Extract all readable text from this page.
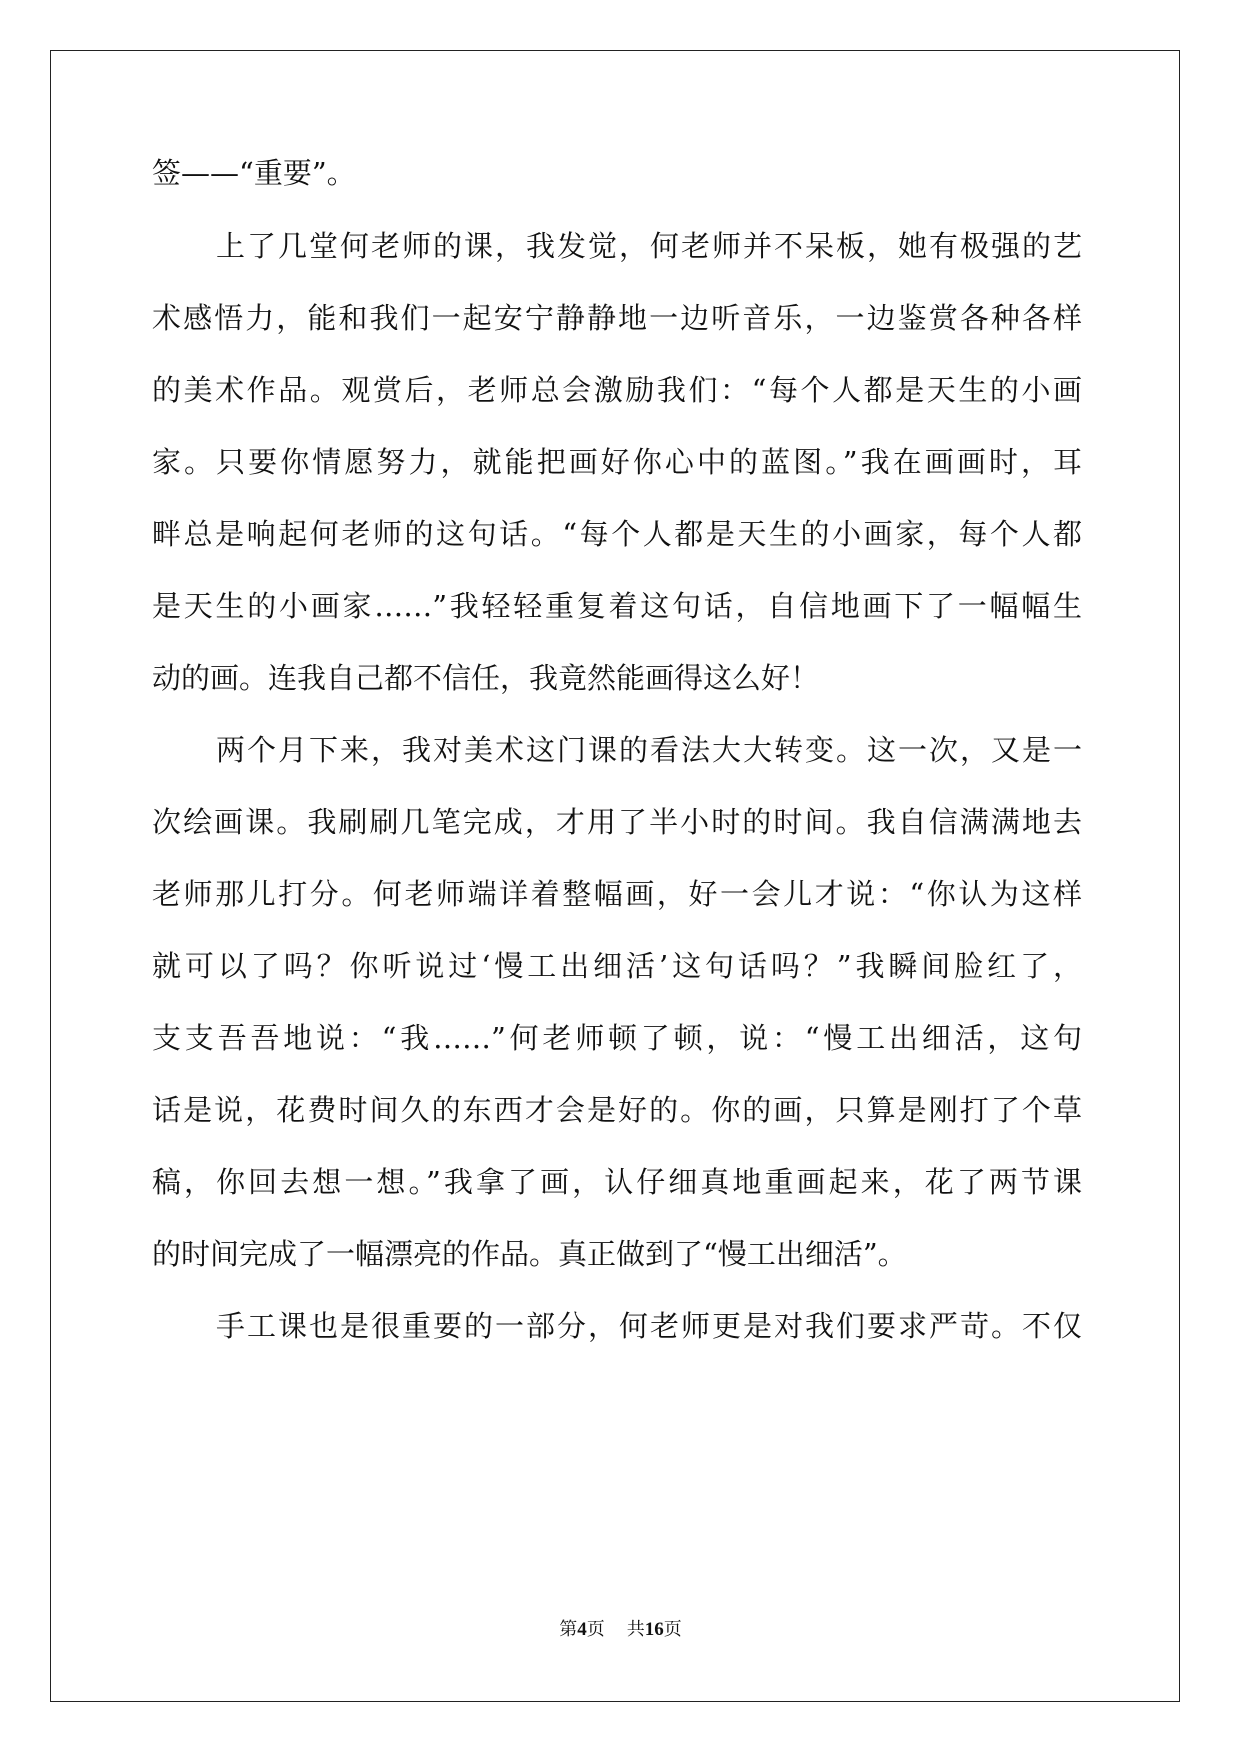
签——“重要”。
上了几堂何老师的课，我发觉，何老师并不呆板，她有极强的艺
术感悟力，能和我们一起安宁静静地一边听音乐，一边鉴赏各种各样
的美术作品。观赏后，老师总会激励我们：“每个人都是天生的小画
家。只要你情愿努力，就能把画好你心中的蓝图。”我在画画时，耳
畔总是响起何老师的这句话。“每个人都是天生的小画家，每个人都
是天生的小画家……”我轻轻重复着这句话，自信地画下了一幅幅生
动的画。连我自己都不信任，我竟然能画得这么好！
两个月下来，我对美术这门课的看法大大转变。这一次，又是一
次绘画课。我刷刷几笔完成，才用了半小时的时间。我自信满满地去
老师那儿打分。何老师端详着整幅画，好一会儿才说：“你认为这样
就可以了吗？你听说过‘慢工出细活’这句话吗？”我瞬间脸红了，
支支吾吾地说：“我……”何老师顿了顿，说：“慢工出细活，这句
话是说，花费时间久的东西才会是好的。你的画，只算是刚打了个草
稿，你回去想一想。”我拿了画，认仔细真地重画起来，花了两节课
的时间完成了一幅漂亮的作品。真正做到了“慢工出细活”。
手工课也是很重要的一部分，何老师更是对我们要求严苛。不仅
第4页 共16页
